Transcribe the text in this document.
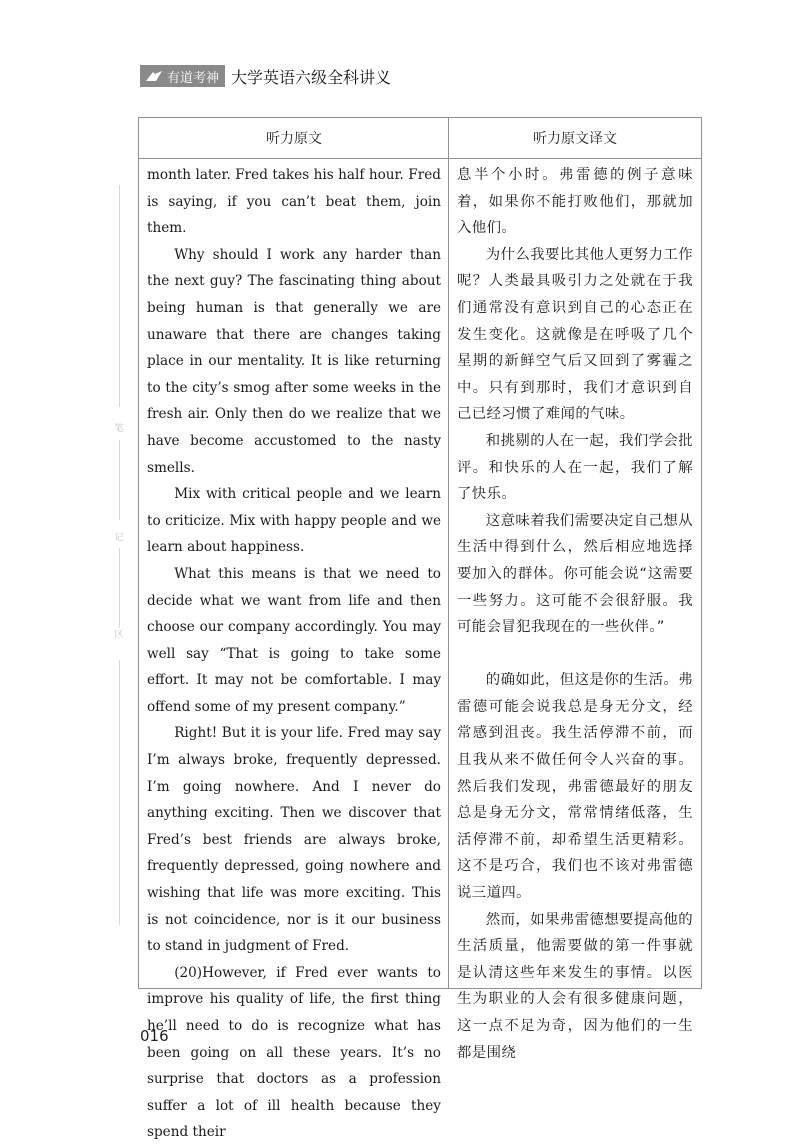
有道考神 大学英语六级全科讲义
笔
记
区
听力原文	听力原文译文

month later. Fred takes his half hour. Fred is saying, if you can’t beat them, join them.

Why should I work any harder than the next guy? The fascinating thing about being human is that generally we are unaware that there are changes taking place in our mentality. It is like returning to the city’s smog after some weeks in the fresh air. Only then do we realize that we have become accustomed to the nasty smells.

Mix with critical people and we learn to criticize. Mix with happy people and we learn about happiness.

What this means is that we need to decide what we want from life and then choose our company accordingly. You may well say “That is going to take some effort. It may not be comfortable. I may offend some of my present company.”

Right! But it is your life. Fred may say I’m always broke, frequently depressed. I’m going nowhere. And I never do anything exciting. Then we discover that Fred’s best friends are always broke, frequently depressed, going nowhere and wishing that life was more exciting. This is not coincidence, nor is it our business to stand in judgment of Fred.

(20)However, if Fred ever wants to improve his quality of life, the first thing he’ll need to do is recognize what has been going on all these years. It’s no surprise that doctors as a profession suffer a lot of ill health because they spend their

息半个小时。弗雷德的例子意味着，如果你不能打败他们，那就加入他们。

为什么我要比其他人更努力工作呢？人类最具吸引力之处就在于我们通常没有意识到自己的心态正在发生变化。这就像是在呼吸了几个星期的新鲜空气后又回到了雾霾之中。只有到那时，我们才意识到自己已经习惯了难闻的气味。

和挑剔的人在一起，我们学会批评。和快乐的人在一起，我们了解了快乐。

这意味着我们需要决定自己想从生活中得到什么，然后相应地选择要加入的群体。你可能会说“这需要一些努力。这可能不会很舒服。我可能会冒犯我现在的一些伙伴。”

的确如此，但这是你的生活。弗雷德可能会说我总是身无分文，经常感到沮丧。我生活停滞不前，而且我从来不做任何令人兴奋的事。然后我们发现，弗雷德最好的朋友总是身无分文，常常情绪低落，生活停滞不前，却希望生活更精彩。这不是巧合，我们也不该对弗雷德说三道四。

然而，如果弗雷德想要提高他的生活质量，他需要做的第一件事就是认清这些年来发生的事情。以医生为职业的人会有很多健康问题，这一点不足为奇，因为他们的一生都是围绕

016
